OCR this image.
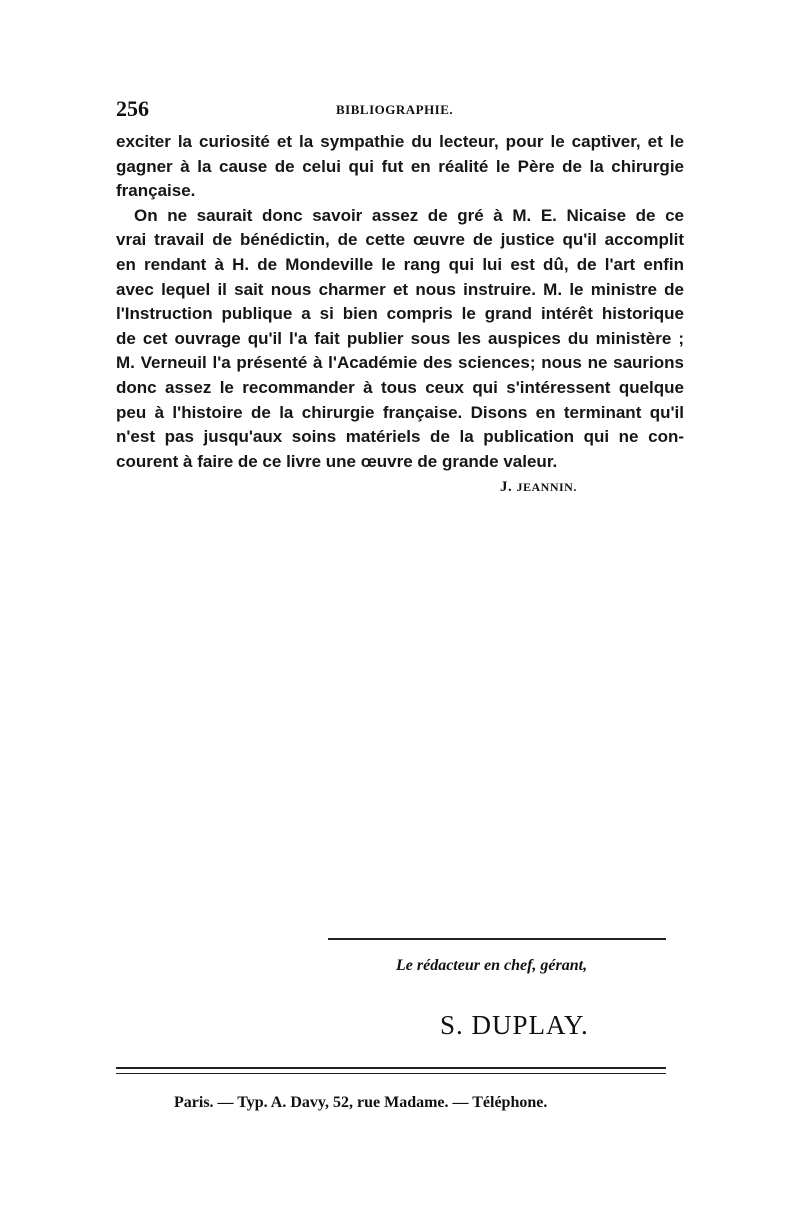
256	BIBLIOGRAPHIE.
exciter la curiosité et la sympathie du lecteur, pour le captiver, et le
gagner à la cause de celui qui fut en réalité le Père de la chirurgie
française.
On ne saurait donc savoir assez de gré à M. E. Nicaise de ce
vrai travail de bénédictin, de cette œuvre de justice qu'il accomplit
en rendant à H. de Mondeville le rang qui lui est dû, de l'art enfin
avec lequel il sait nous charmer et nous instruire. M. le ministre de
l'Instruction publique a si bien compris le grand intérêt historique
de cet ouvrage qu'il l'a fait publier sous les auspices du ministère ;
M. Verneuil l'a présenté à l'Académie des sciences; nous ne saurions
donc assez le recommander à tous ceux qui s'intéressent quelque
peu à l'histoire de la chirurgie française. Disons en terminant qu'il
n'est pas jusqu'aux soins matériels de la publication qui ne con-
courent à faire de ce livre une œuvre de grande valeur.
J. JEANNIN.
Le rédacteur en chef, gérant,
S. DUPLAY.
Paris. — Typ. A. Davy, 52, rue Madame. — Téléphone.
